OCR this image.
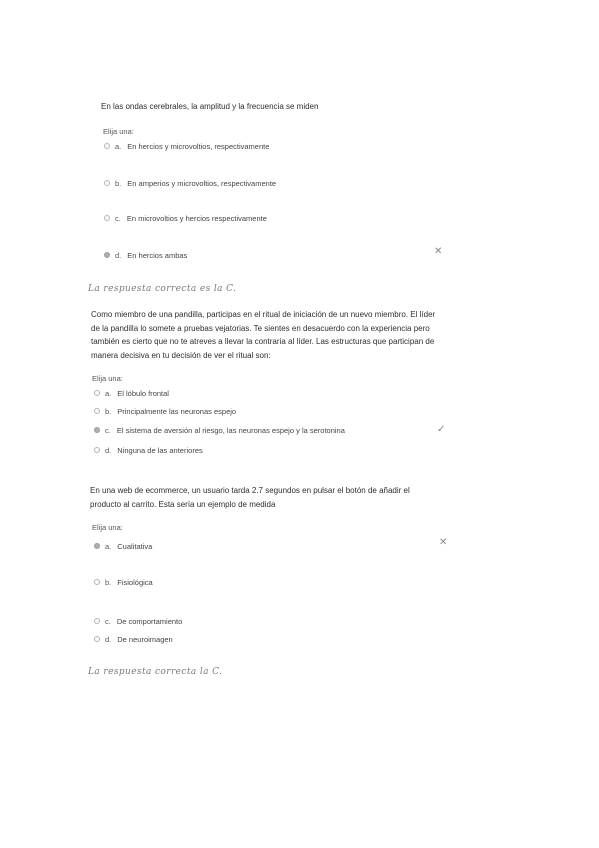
En las ondas cerebrales, la amplitud y la frecuencia se miden
Elija una:
a. En hercios y microvoltios, respectivamente
b. En amperios y microvoltios, respectivamente
c. En microvoltios y hercios respectivamente
d. En hercios ambas	✕
La respuesta correcta es la C.
Como miembro de una pandilla, participas en el ritual de iniciación de un nuevo miembro. El líder de la pandilla lo somete a pruebas vejatorias. Te sientes en desacuerdo con la experiencia pero también es cierto que no te atreves a llevar la contraria al líder. Las estructuras que participan de manera decisiva en tu decisión de ver el ritual son:
Elija una:
a. El lóbulo frontal
b. Principalmente las neuronas espejo
c. El sistema de aversión al riesgo, las neuronas espejo y la serotonina
d. Ninguna de las anteriores
✓
En una web de ecommerce, un usuario tarda 2.7 segundos en pulsar el botón de añadir el producto al carrito. Esta sería un ejemplo de medida
Elija una:
a. Cualitativa
b. Fisiológica
c. De comportamiento
d. De neuroimagen
✕
La respuesta correcta la C.
